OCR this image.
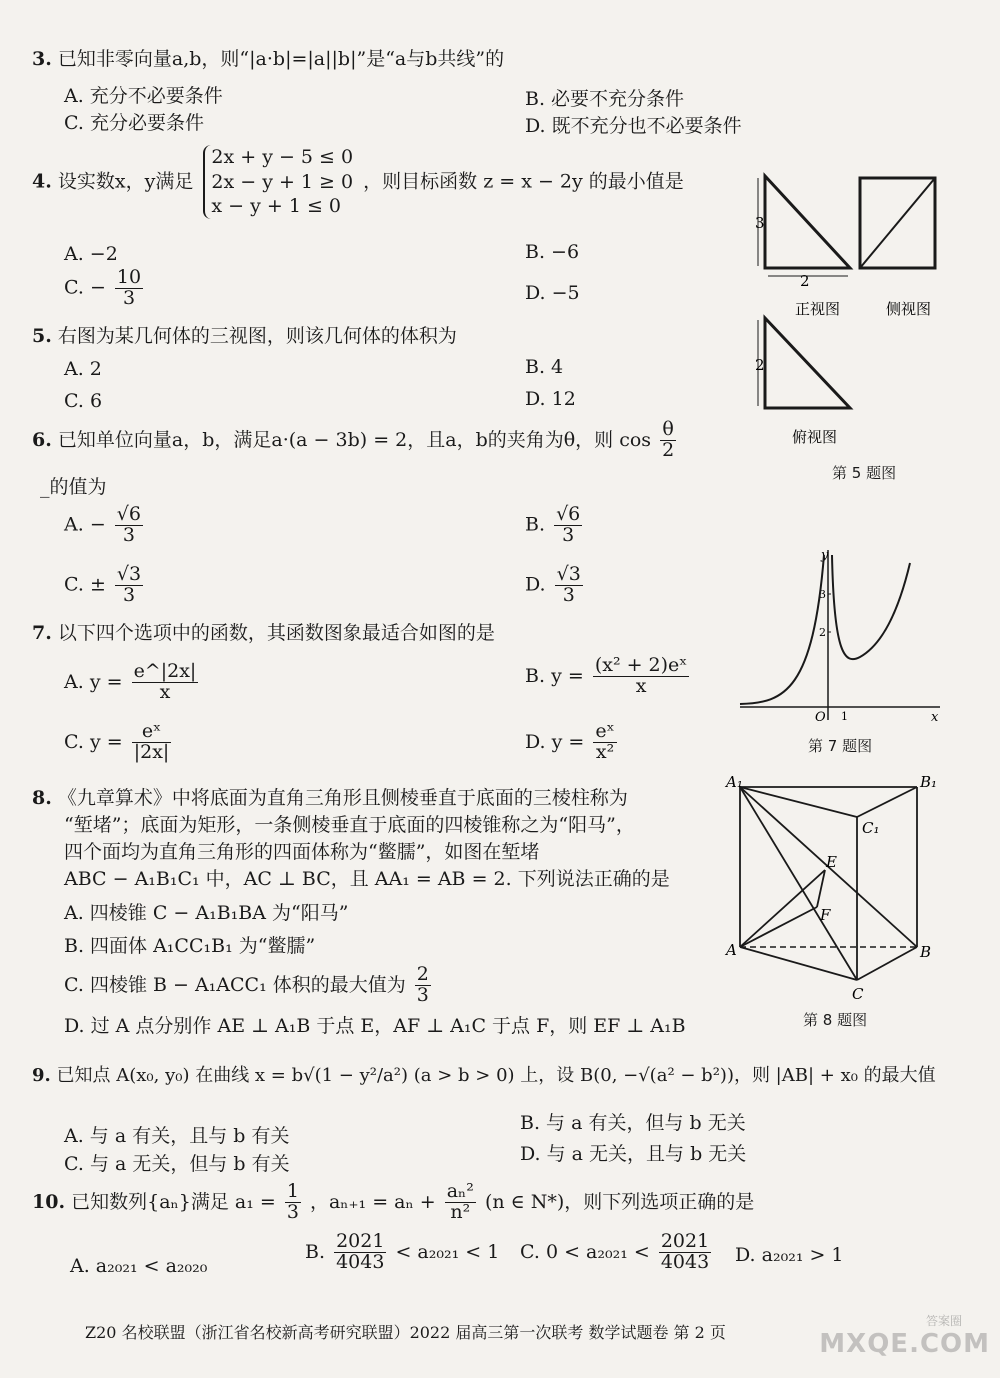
3. 已知非零向量a,b，则“|a·b|=|a||b|”是“a与b共线”的
A. 充分不必要条件	B. 必要不充分条件
C. 充分必要条件	D. 既不充分也不必要条件
4. 设实数x，y满足
2x + y − 5 ≤ 0
2x − y + 1 ≥ 0
x − y + 1 ≤ 0
，则目标函数 z = x − 2y 的最小值是
A. −2	B. −6
C. − $\frac{10}{3}$	D. −5
5. 右图为某几何体的三视图，则该几何体的体积为
A. 2	B. 4
C. 6	D. 12
6. 已知单位向量a，b，满足a·(a − 3b) = 2，且a，b的夹角为θ，则 $\cos \frac{\theta}{2}$
_的值为
A. − $\frac{√6}{3}$	B. $\frac{√6}{3}$
C. ± $\frac{√3}{3}$	D. $\frac{√3}{3}$
7. 以下四个选项中的函数，其函数图象最适合如图的是
A. $y = \frac{e\^{}|2x|}{x}$	B. $y = \frac{\text{(x² + 2)eˣ}}{x}$
C. $y = \frac{\text{eˣ}}{|2x|}$	D. $y = \frac{\text{eˣ}}{\text{x²}}$
8. 《九章算术》中将底面为直角三角形且侧棱垂直于底面的三棱柱称为
“堑堵”；底面为矩形，一条侧棱垂直于底面的四棱锥称之为“阳马”，
四个面均为直角三角形的四面体称为“鳖臑”，如图在堑堵
ABC − A₁B₁C₁ 中，AC ⊥ BC，且 AA₁ = AB = 2. 下列说法正确的是
A. 四棱锥 C − A₁B₁BA 为“阳马”
B. 四面体 A₁CC₁B₁ 为“鳖臑”
C. 四棱锥 B − A₁ACC₁ 体积的最大值为 $\frac{2}{3}$
D. 过 A 点分别作 AE ⊥ A₁B 于点 E，AF ⊥ A₁C 于点 F，则 EF ⊥ A₁B
9. 已知点 A(x₀, y₀) 在曲线 x = b√(1 − y²/a²) (a > b > 0) 上，设 B(0, −√(a² − b²))，则 |AB| + x₀ 的最大值
A. 与 a 有关，且与 b 有关
B. 与 a 有关，但与 b 无关
D. 与 a 无关，且与 b 无关
C. 与 a 无关，但与 b 有关
10. 已知数列{aₙ}满足 $a_1 = \frac{1}{3}$ ，$a_{n+1} = a_n + \frac{\text{aₙ²}}{\text{n²}} (n$ ∈ N*)，则下列选项正确的是
A. a₂₀₂₁ < a₂₀₂₀
B. $\frac{2021}{4043} < a_{2021} < 1$ C. $0 < a_{2021} < \frac{2021}{4043} D$. a₂₀₂₁ > 1
3
2
正视图	侧视图
2
俯视图
第 5 题图
y
x
O 1
2
3
第 7 题图
A₁	B₁
C₁
A	B
C
E
F
第 8 题图
Z20 名校联盟（浙江省名校新高考研究联盟）2022 届高三第一次联考 数学试题卷 第 2 页
答案圈
MXQE.COM
